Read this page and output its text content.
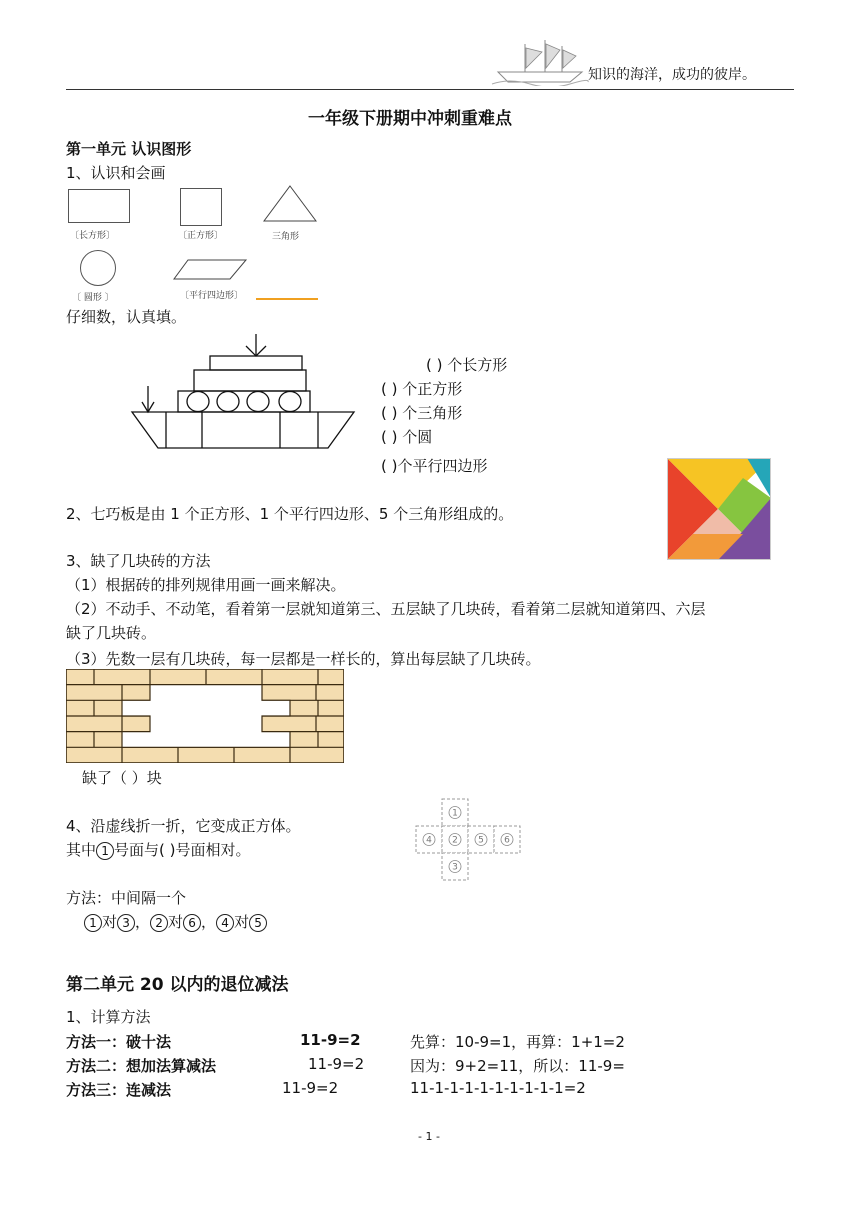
知识的海洋，成功的彼岸。
一年级下册期中冲刺重难点
第一单元 认识图形
1、认识和会画
〔长方形〕	〔正方形〕	三角形
〔 圆形 〕	〔平行四边形〕
仔细数，认真填。
( ) 个长方形
( ) 个正方形
( ) 个三角形
( ) 个圆
( )个平行四边形
2、七巧板是由 1 个正方形、1 个平行四边形、5 个三角形组成的。
3、缺了几块砖的方法
（1）根据砖的排列规律用画一画来解决。
（2）不动手、不动笔，看着第一层就知道第三、五层缺了几块砖，看着第二层就知道第四、六层
缺了几块砖。
（3）先数一层有几块砖，每一层都是一样长的，算出每层缺了几块砖。
缺了（ ）块
4、沿虚线折一折，它变成正方体。
其中 1 号面与( )号面相对。
方法：中间隔一个
1 对 3 ， 2 对 6 ， 4 对 5
1
2
3
4	5 6
第二单元 20 以内的退位减法
1、计算方法
方法一：破十法	11-9=2	先算：10-9=1，再算：1+1=2
方法二：想加法算减法	11-9=2	因为：9+2=11，所以：11-9=
方法三：连减法	11-9=2	11-1-1-1-1-1-1-1-1-1=2
- 1 -
